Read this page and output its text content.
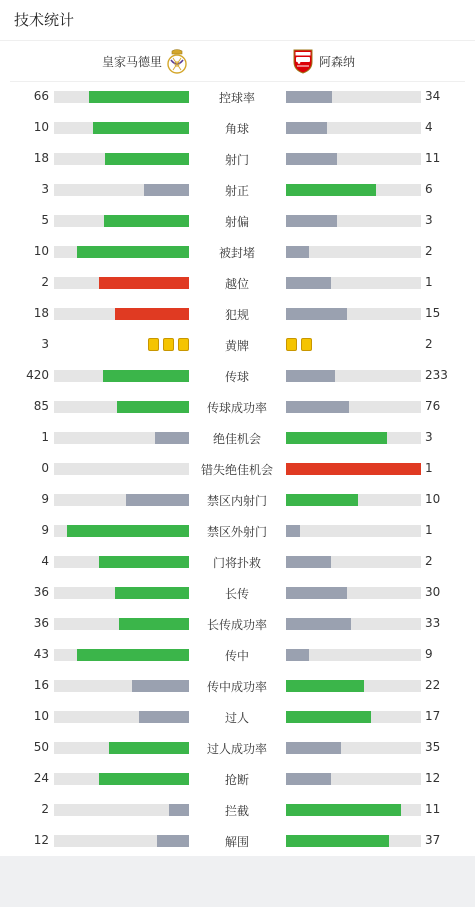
技术统计
皇家马德里	阿森纳
66	控球率	34
10	角球	4
18	射门	11
3	射正	6
5	射偏	3
10	被封堵	2
2	越位	1
18	犯规	15
3	黄牌	2
420	传球	233
85	传球成功率	76
1	绝佳机会	3
0	错失绝佳机会	1
9	禁区内射门	10
9	禁区外射门	1
4	门将扑救	2
36	长传	30
36	长传成功率	33
43	传中	9
16	传中成功率	22
10	过人	17
50	过人成功率	35
24	抢断	12
2	拦截	11
12	解围	37
